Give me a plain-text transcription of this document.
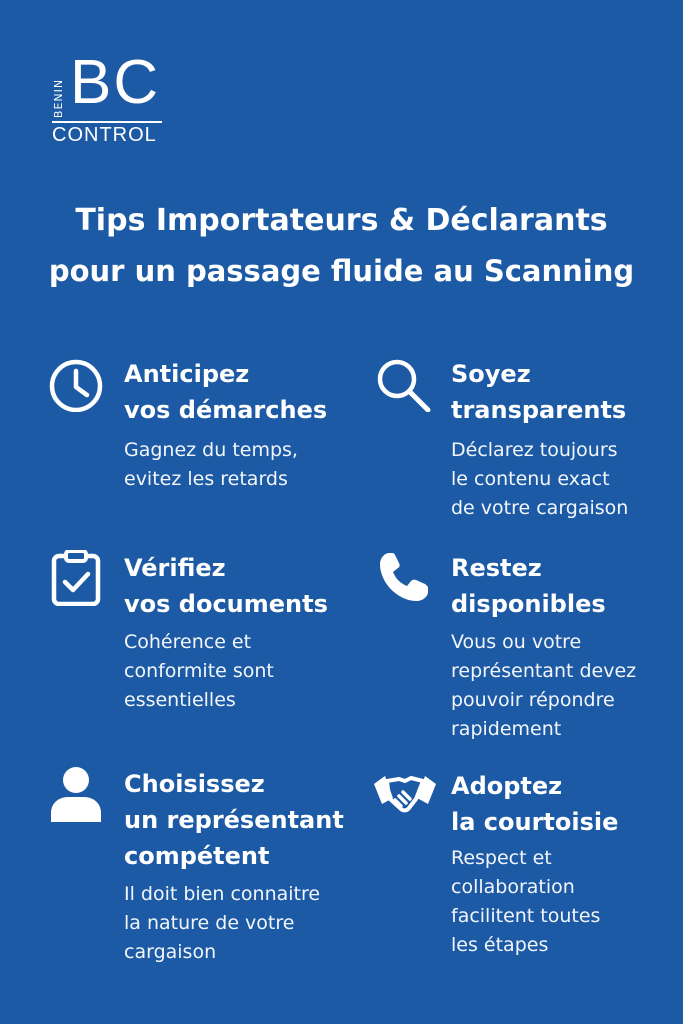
BENIN BC
CONTROL
Tips Importateurs & Déclarants
pour un passage fluide au Scanning
Anticipez
vos démarches
Gagnez du temps,
evitez les retards
Soyez
transparents
Déclarez toujours
le contenu exact
de votre cargaison
Vérifiez
vos documents
Cohérence et
conformite sont
essentielles
Restez
disponibles
Vous ou votre
représentant devez
pouvoir répondre
rapidement
Choisissez
un représentant
compétent
Il doit bien connaitre
la nature de votre
cargaison
Adoptez
la courtoisie
Respect et
collaboration
facilitent toutes
les étapes
